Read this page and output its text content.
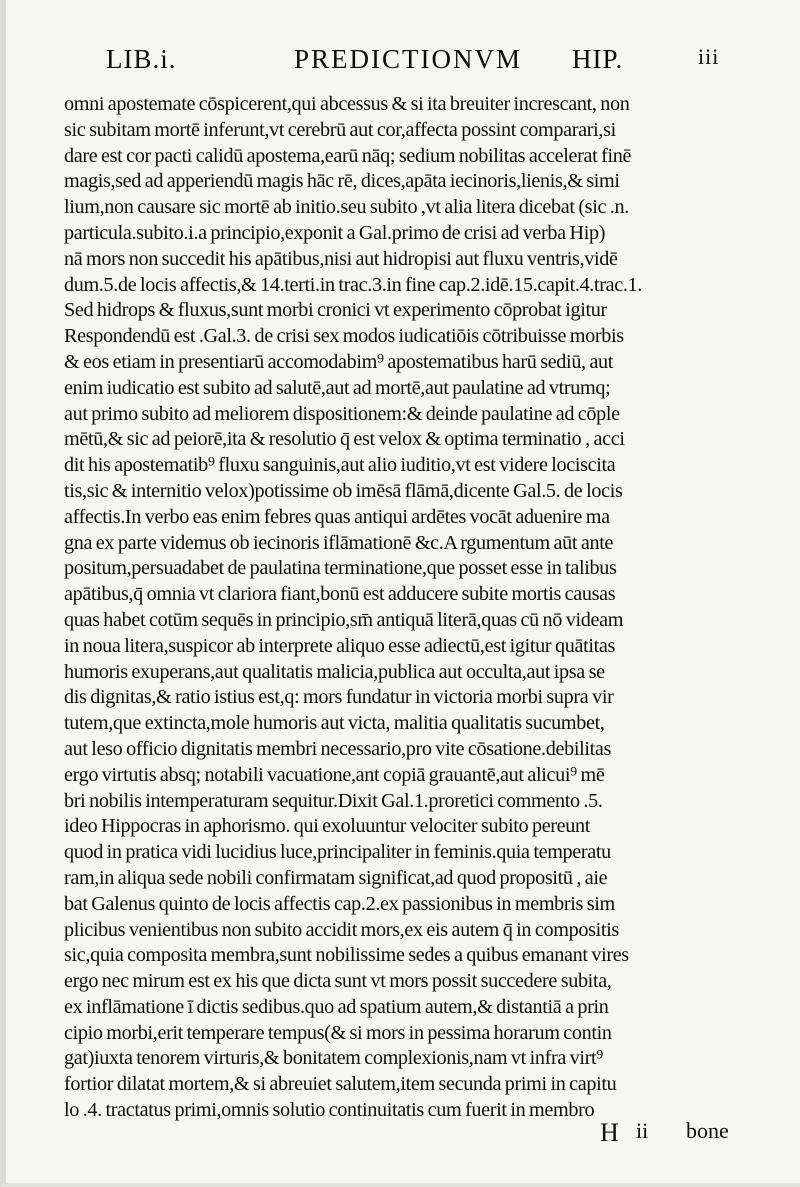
LIB.i.	PREDICTIONVM HIP.	iii
omni apostemate cōspicerent,qui abcessus & si ita breuiter increscant, non
sic subitam mortē inferunt,vt cerebrū aut cor,affecta possint comparari,si
dare est cor pacti calidū apostema,earū nāq; sedium nobilitas accelerat finē
magis,sed ad apperiendū magis hāc rē, dices,apāta iecinoris,lienis,& simi
lium,non causare sic mortē ab initio.seu subito ,vt alia litera dicebat (sic .n.
particula.subito.i.a principio,exponit a Gal.primo de crisi ad verba Hip)
nā mors non succedit his apātibus,nisi aut hidropisi aut fluxu ventris,vidē
dum.5.de locis affectis,& 14.terti.in trac.3.in fine cap.2.idē.15.capit.4.trac.1.
Sed hidrops & fluxus,sunt morbi cronici vt experimento cōprobat igitur
Respondendū est .Gal.3. de crisi sex modos iudicatiōis cōtribuisse morbis
& eos etiam in presentiarū accomodabim⁹ apostematibus harū sediū, aut
enim iudicatio est subito ad salutē,aut ad mortē,aut paulatine ad vtrumq;
aut primo subito ad meliorem dispositionem:& deinde paulatine ad cōple
mētū,& sic ad peiorē,ita & resolutio q̄ est velox & optima terminatio , acci
dit his apostematib⁹ fluxu sanguinis,aut alio iuditio,vt est videre lociscita
tis,sic & internitio velox)potissime ob imēsā flāmā,dicente Gal.5. de locis
affectis.In verbo eas enim febres quas antiqui ardētes vocāt aduenire ma
gna ex parte videmus ob iecinoris iflāmationē &c.A rgumentum aūt ante
positum,persuadabet de paulatina terminatione,que posset esse in talibus
apātibus,q̄ omnia vt clariora fiant,bonū est adducere subite mortis causas
quas habet cotūm sequēs in principio,sm̄ antiquā literā,quas cū nō videam
in noua litera,suspicor ab interprete aliquo esse adiectū,est igitur quātitas
humoris exuperans,aut qualitatis malicia,publica aut occulta,aut ipsa se
dis dignitas,& ratio istius est,q: mors fundatur in victoria morbi supra vir
tutem,que extincta,mole humoris aut victa, malitia qualitatis sucumbet,
aut leso officio dignitatis membri necessario,pro vite cōsatione.debilitas
ergo virtutis absq; notabili vacuatione,ant copiā grauantē,aut alicui⁹ mē
bri nobilis intemperaturam sequitur.Dixit Gal.1.proretici commento .5.
ideo Hippocras in aphorismo. qui exoluuntur velociter subito pereunt
quod in pratica vidi lucidius luce,principaliter in feminis.quia temperatu
ram,in aliqua sede nobili confirmatam significat,ad quod propositū , aie
bat Galenus quinto de locis affectis cap.2.ex passionibus in membris sim
plicibus venientibus non subito accidit mors,ex eis autem q̄ in compositis
sic,quia composita membra,sunt nobilissime sedes a quibus emanant vires
ergo nec mirum est ex his que dicta sunt vt mors possit succedere subita,
ex inflāmatione ī dictis sedibus.quo ad spatium autem,& distantiā a prin
cipio morbi,erit temperare tempus(& si mors in pessima horarum contin
gat)iuxta tenorem virturis,& bonitatem complexionis,nam vt infra virt⁹
fortior dilatat mortem,& si abreuiet salutem,item secunda primi in capitu
lo .4. tractatus primi,omnis solutio continuitatis cum fuerit in membro
H ii bone
